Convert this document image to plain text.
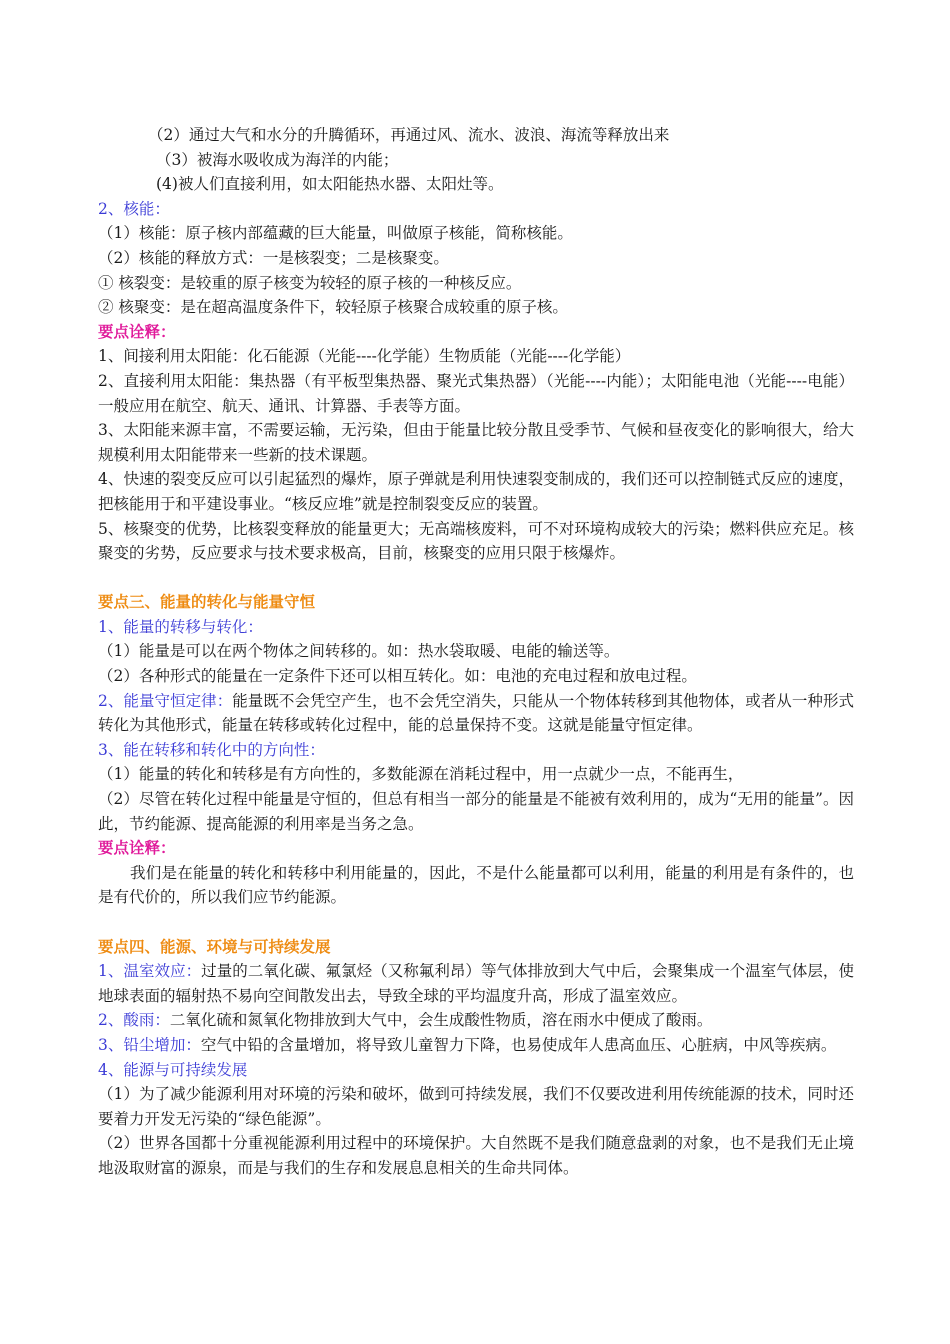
（2）通过大气和水分的升腾循环，再通过风、流水、波浪、海流等释放出来
（3）被海水吸收成为海洋的内能；
(4)被人们直接利用，如太阳能热水器、太阳灶等。
2、核能：
（1）核能：原子核内部蕴藏的巨大能量，叫做原子核能，简称核能。
（2）核能的释放方式：一是核裂变；二是核聚变。
① 核裂变：是较重的原子核变为较轻的原子核的一种核反应。
② 核聚变：是在超高温度条件下，较轻原子核聚合成较重的原子核。
要点诠释：
1、间接利用太阳能：化石能源（光能----化学能）生物质能（光能----化学能）
2、直接利用太阳能：集热器（有平板型集热器、聚光式集热器）（光能----内能）；太阳能电池（光能----电能）一般应用在航空、航天、通讯、计算器、手表等方面。
3、太阳能来源丰富，不需要运输，无污染，但由于能量比较分散且受季节、气候和昼夜变化的影响很大，给大规模利用太阳能带来一些新的技术课题。
4、快速的裂变反应可以引起猛烈的爆炸，原子弹就是利用快速裂变制成的，我们还可以控制链式反应的速度，把核能用于和平建设事业。“核反应堆”就是控制裂变反应的装置。
5、核聚变的优势，比核裂变释放的能量更大；无高端核废料，可不对环境构成较大的污染；燃料供应充足。核聚变的劣势，反应要求与技术要求极高，目前，核聚变的应用只限于核爆炸。
要点三、能量的转化与能量守恒
1、能量的转移与转化：
（1）能量是可以在两个物体之间转移的。如：热水袋取暖、电能的输送等。
（2）各种形式的能量在一定条件下还可以相互转化。如：电池的充电过程和放电过程。
2、能量守恒定律：能量既不会凭空产生，也不会凭空消失，只能从一个物体转移到其他物体，或者从一种形式转化为其他形式，能量在转移或转化过程中，能的总量保持不变。这就是能量守恒定律。
3、能在转移和转化中的方向性：
（1）能量的转化和转移是有方向性的，多数能源在消耗过程中，用一点就少一点，不能再生，
（2）尽管在转化过程中能量是守恒的，但总有相当一部分的能量是不能被有效利用的，成为“无用的能量”。因此，节约能源、提高能源的利用率是当务之急。
要点诠释：
我们是在能量的转化和转移中利用能量的，因此，不是什么能量都可以利用，能量的利用是有条件的，也是有代价的，所以我们应节约能源。
要点四、能源、环境与可持续发展
1、温室效应：过量的二氧化碳、氟氯烃（又称氟利昂）等气体排放到大气中后，会聚集成一个温室气体层，使地球表面的辐射热不易向空间散发出去，导致全球的平均温度升高，形成了温室效应。
2、酸雨：二氧化硫和氮氧化物排放到大气中，会生成酸性物质，溶在雨水中便成了酸雨。
3、铅尘增加：空气中铅的含量增加，将导致儿童智力下降，也易使成年人患高血压、心脏病，中风等疾病。
4、能源与可持续发展
（1）为了减少能源利用对环境的污染和破坏，做到可持续发展，我们不仅要改进利用传统能源的技术，同时还要着力开发无污染的“绿色能源”。
（2）世界各国都十分重视能源利用过程中的环境保护。大自然既不是我们随意盘剥的对象，也不是我们无止境地汲取财富的源泉，而是与我们的生存和发展息息相关的生命共同体。
